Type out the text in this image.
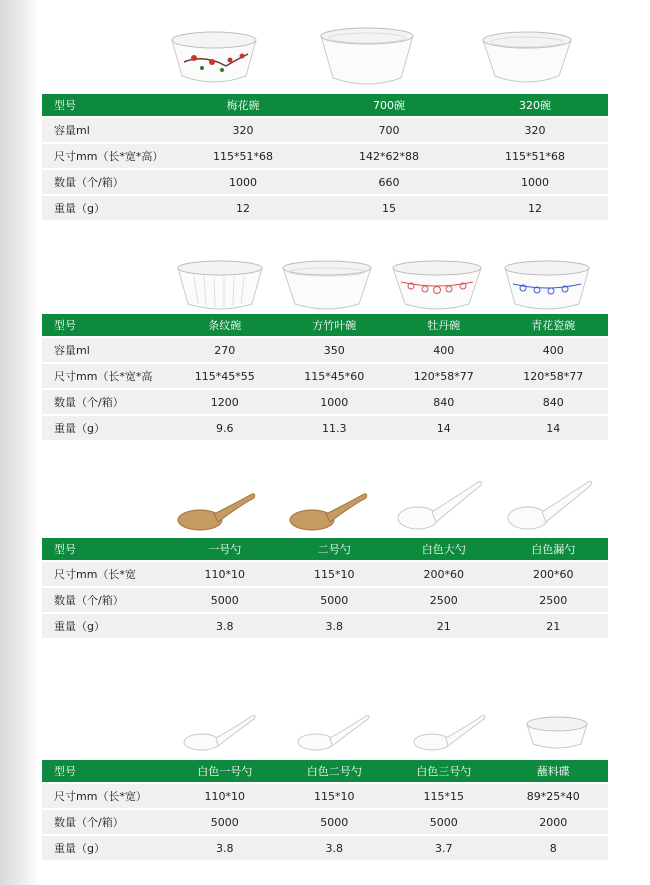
型号	梅花碗	700碗	320碗
容量ml	320	700	320
尺寸mm（长*宽*高）	115*51*68	142*62*88	115*51*68
数量（个/箱）	1000	660	1000
重量（g）	12	15	12
型号	条纹碗	方竹叶碗	牡丹碗	青花瓷碗
容量ml	270	350	400	400
尺寸mm（长*宽*高	115*45*55	115*45*60	120*58*77	120*58*77
数量（个/箱）	1200	1000	840	840
重量（g）	9.6	11.3	14	14
型号	一号勺	二号勺	白色大勺	白色漏勺
尺寸mm（长*宽	110*10	115*10	200*60	200*60
数量（个/箱）	5000	5000	2500	2500
重量（g）	3.8	3.8	21	21
型号	白色一号勺	白色二号勺	白色三号勺	蘸料碟
尺寸mm（长*宽）	110*10	115*10	115*15	89*25*40
数量（个/箱）	5000	5000	5000	2000
重量（g）	3.8	3.8	3.7	8
